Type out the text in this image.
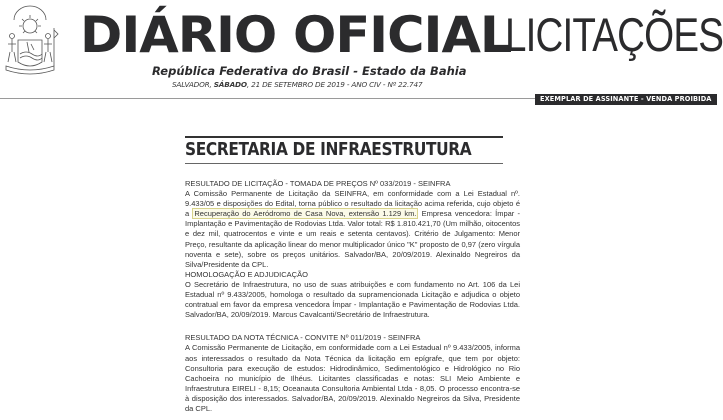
DIÁRIO OFICIAL
LICITAÇÕES
República Federativa do Brasil - Estado da Bahia
SALVADOR, SÁBADO, 21 DE SETEMBRO DE 2019 - ANO CIV - Nº 22.747
EXEMPLAR DE ASSINANTE - VENDA PROIBIDA
SECRETARIA DE INFRAESTRUTURA

RESULTADO DE LICITAÇÃO - TOMADA DE PREÇOS Nº 033/2019 - SEINFRA

A Comissão Permanente de Licitação da SEINFRA, em conformidade com a Lei Estadual nº. 9.433/05 e disposições do Edital, torna público o resultado da licitação acima referida, cujo objeto é a Recuperação do Aeródromo de Casa Nova, extensão 1.129 km. Empresa vencedora: Ímpar - Implantação e Pavimentação de Rodovias Ltda. Valor total: R$ 1.810.421,70 (Um milhão, oitocentos e dez mil, quatrocentos e vinte e um reais e setenta centavos). Critério de Julgamento: Menor Preço, resultante da aplicação linear do menor multiplicador único "K" proposto de 0,97 (zero vírgula noventa e sete), sobre os preços unitários. Salvador/BA, 20/09/2019. Alexinaldo Negreiros da Silva/Presidente da CPL.

HOMOLOGAÇÃO E ADJUDICAÇÃO

O Secretário de Infraestrutura, no uso de suas atribuições e com fundamento no Art. 106 da Lei Estadual nº 9.433/2005, homologa o resultado da supramencionada Licitação e adjudica o objeto contratual em favor da empresa vencedora Ímpar - Implantação e Pavimentação de Rodovias Ltda. Salvador/BA, 20/09/2019. Marcus Cavalcanti/Secretário de Infraestrutura.

RESULTADO DA NOTA TÉCNICA - CONVITE Nº 011/2019 - SEINFRA

A Comissão Permanente de Licitação, em conformidade com a Lei Estadual nº 9.433/2005, informa aos interessados o resultado da Nota Técnica da licitação em epígrafe, que tem por objeto: Consultoria para execução de estudos: Hidrodinâmico, Sedimentológico e Hidrológico no Rio Cachoeira no município de Ilhéus. Licitantes classificadas e notas: SLI Meio Ambiente e Infraestrutura EIRELI - 8,15; Oceanauta Consultoria Ambiental Ltda - 8,05. O processo encontra-se à disposição dos interessados. Salvador/BA, 20/09/2019. Alexinaldo Negreiros da Silva, Presidente da CPL.
